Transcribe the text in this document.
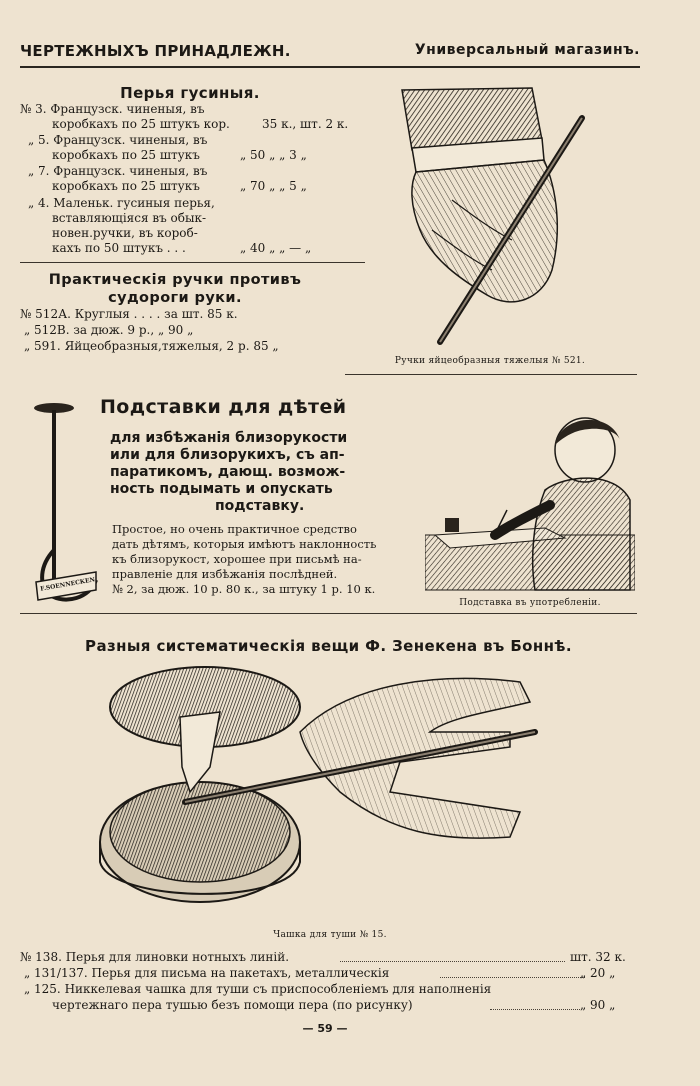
ЧЕРТЕЖНЫХЪ ПРИНАДЛЕЖН.	Универсальный магазинъ.
Перья гусиныя.
№ 3. Французск. чиненыя, въ
коробкахъ по 25 штукъ кор.	35 к., шт. 2 к.
„ 5. Французск. чиненыя, въ
коробкахъ по 25 штукъ	„ 50 „ „ 3 „
„ 7. Французск. чиненыя, въ
коробкахъ по 25 штукъ	„ 70 „ „ 5 „
„ 4. Маленьк. гусиныя перья,
вставляющiяся въ обык-
новен.ручки, въ короб-
кахъ по 50 штукъ . . .	„ 40 „ „ — „
Практическiя ручки противъ
судороги руки.
№ 512А. Круглыя . . . . за шт. 85 к.
„ 512В. за дюж. 9 р., „ 90 „
„ 591. Яйцеобразныя,тяжелыя, 2 р. 85 „
Ручки яйцеобразныя тяжелыя № 521.
F.SOENNECKEN
Подставки для дѣтей
для избѣжанiя близорукости
или для близорукихъ, съ ап-
паратикомъ, дающ. возмож-
ность подымать и опускать
подставку.
Простое, но очень практичное средство
дать дѣтямъ, которыя имѣютъ наклонность
къ близорукост, хорошее при письмѣ на-
правленiе для избѣжанiя послѣдней.
№ 2, за дюж. 10 р. 80 к., за штуку 1 р. 10 к.
Подставка въ употребленiи.
Разныя систематическiя вещи Ф. Зенекена въ Боннѣ.
Чашка для туши № 15.
№ 138. Перья для линовки нотныхъ линiй.	шт. 32 к.
„ 131/137. Перья для письма на пакетахъ, металлическiя	„ 20 „
„ 125. Никкелевая чашка для туши съ приспособленiемъ для наполненiя
чертежнаго пера тушью безъ помощи пера (по рисунку)	„ 90 „
— 59 —
